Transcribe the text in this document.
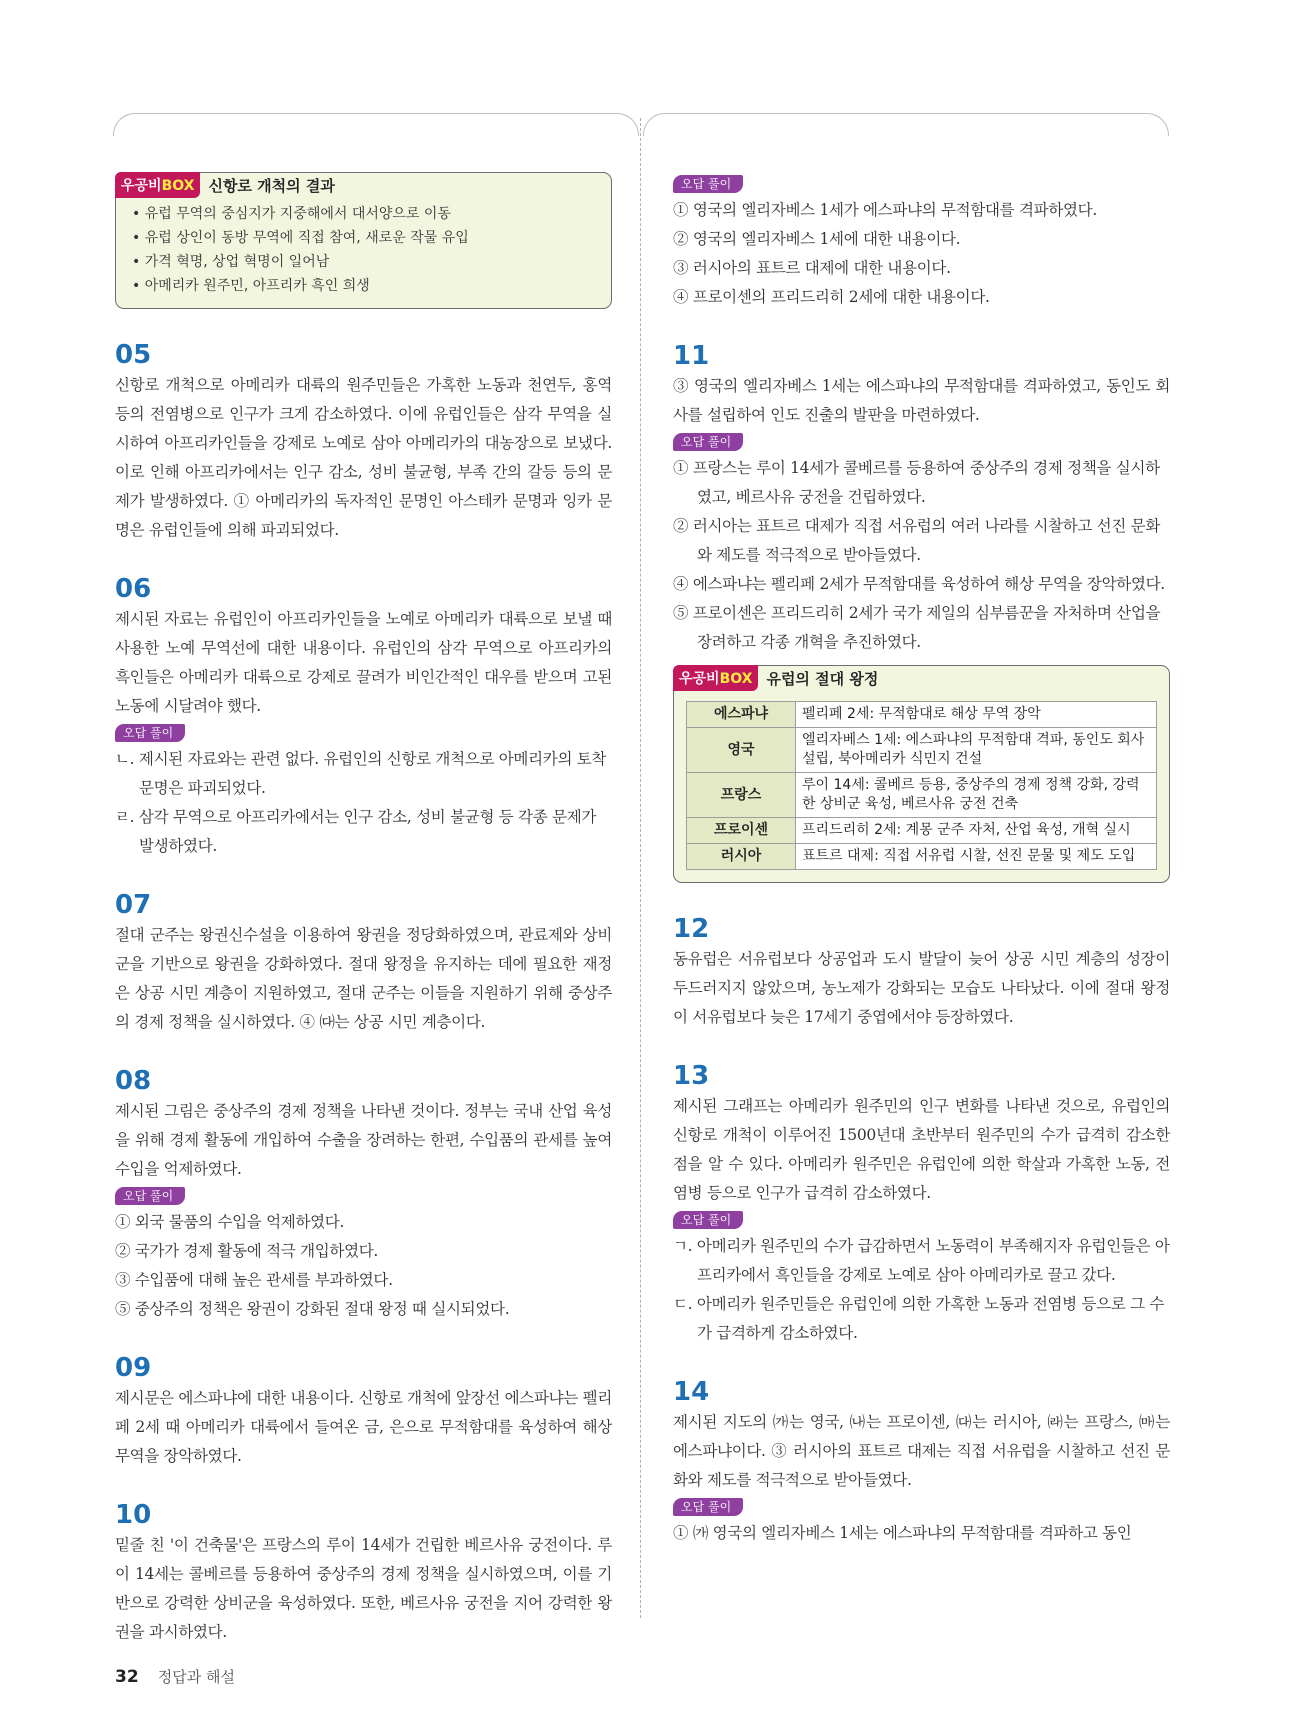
우공비BOX 신항로 개척의 결과
• 유럽 무역의 중심지가 지중해에서 대서양으로 이동
• 유럽 상인이 동방 무역에 직접 참여, 새로운 작물 유입
• 가격 혁명, 상업 혁명이 일어남
• 아메리카 원주민, 아프리카 흑인 희생
05
신항로 개척으로 아메리카 대륙의 원주민들은 가혹한 노동과 천연두, 홍역 등의 전염병으로 인구가 크게 감소하였다. 이에 유럽인들은 삼각 무역을 실시하여 아프리카인들을 강제로 노예로 삼아 아메리카의 대농장으로 보냈다. 이로 인해 아프리카에서는 인구 감소, 성비 불균형, 부족 간의 갈등 등의 문제가 발생하였다. ① 아메리카의 독자적인 문명인 아스테카 문명과 잉카 문명은 유럽인들에 의해 파괴되었다.
06
제시된 자료는 유럽인이 아프리카인들을 노예로 아메리카 대륙으로 보낼 때 사용한 노예 무역선에 대한 내용이다. 유럽인의 삼각 무역으로 아프리카의 흑인들은 아메리카 대륙으로 강제로 끌려가 비인간적인 대우를 받으며 고된 노동에 시달려야 했다.
오답 풀이
ㄴ. 제시된 자료와는 관련 없다. 유럽인의 신항로 개척으로 아메리카의 토착 문명은 파괴되었다.
ㄹ. 삼각 무역으로 아프리카에서는 인구 감소, 성비 불균형 등 각종 문제가 발생하였다.
07
절대 군주는 왕권신수설을 이용하여 왕권을 정당화하였으며, 관료제와 상비군을 기반으로 왕권을 강화하였다. 절대 왕정을 유지하는 데에 필요한 재정은 상공 시민 계층이 지원하였고, 절대 군주는 이들을 지원하기 위해 중상주의 경제 정책을 실시하였다. ④ ㈐는 상공 시민 계층이다.
08
제시된 그림은 중상주의 경제 정책을 나타낸 것이다. 정부는 국내 산업 육성을 위해 경제 활동에 개입하여 수출을 장려하는 한편, 수입품의 관세를 높여 수입을 억제하였다.
오답 풀이
① 외국 물품의 수입을 억제하였다.
② 국가가 경제 활동에 적극 개입하였다.
③ 수입품에 대해 높은 관세를 부과하였다.
⑤ 중상주의 정책은 왕권이 강화된 절대 왕정 때 실시되었다.
09
제시문은 에스파냐에 대한 내용이다. 신항로 개척에 앞장선 에스파냐는 펠리페 2세 때 아메리카 대륙에서 들여온 금, 은으로 무적함대를 육성하여 해상 무역을 장악하였다.
10
밑줄 친 '이 건축물'은 프랑스의 루이 14세가 건립한 베르사유 궁전이다. 루이 14세는 콜베르를 등용하여 중상주의 경제 정책을 실시하였으며, 이를 기반으로 강력한 상비군을 육성하였다. 또한, 베르사유 궁전을 지어 강력한 왕권을 과시하였다.
오답 풀이
① 영국의 엘리자베스 1세가 에스파냐의 무적함대를 격파하였다.
② 영국의 엘리자베스 1세에 대한 내용이다.
③ 러시아의 표트르 대제에 대한 내용이다.
④ 프로이센의 프리드리히 2세에 대한 내용이다.
11
③ 영국의 엘리자베스 1세는 에스파냐의 무적함대를 격파하였고, 동인도 회사를 설립하여 인도 진출의 발판을 마련하였다.
오답 풀이
① 프랑스는 루이 14세가 콜베르를 등용하여 중상주의 경제 정책을 실시하였고, 베르사유 궁전을 건립하였다.
② 러시아는 표트르 대제가 직접 서유럽의 여러 나라를 시찰하고 선진 문화와 제도를 적극적으로 받아들였다.
④ 에스파냐는 펠리페 2세가 무적함대를 육성하여 해상 무역을 장악하였다.
⑤ 프로이센은 프리드리히 2세가 국가 제일의 심부름꾼을 자처하며 산업을 장려하고 각종 개혁을 추진하였다.
우공비BOX 유럽의 절대 왕정
에스파냐	펠리페 2세: 무적함대로 해상 무역 장악
영국	엘리자베스 1세: 에스파냐의 무적함대 격파, 동인도 회사 설립, 북아메리카 식민지 건설
프랑스	루이 14세: 콜베르 등용, 중상주의 경제 정책 강화, 강력한 상비군 육성, 베르사유 궁전 건축
프로이센	프리드리히 2세: 계몽 군주 자처, 산업 육성, 개혁 실시
러시아	표트르 대제: 직접 서유럽 시찰, 선진 문물 및 제도 도입
12
동유럽은 서유럽보다 상공업과 도시 발달이 늦어 상공 시민 계층의 성장이 두드러지지 않았으며, 농노제가 강화되는 모습도 나타났다. 이에 절대 왕정이 서유럽보다 늦은 17세기 중엽에서야 등장하였다.
13
제시된 그래프는 아메리카 원주민의 인구 변화를 나타낸 것으로, 유럽인의 신항로 개척이 이루어진 1500년대 초반부터 원주민의 수가 급격히 감소한 점을 알 수 있다. 아메리카 원주민은 유럽인에 의한 학살과 가혹한 노동, 전염병 등으로 인구가 급격히 감소하였다.
오답 풀이
ㄱ. 아메리카 원주민의 수가 급감하면서 노동력이 부족해지자 유럽인들은 아프리카에서 흑인들을 강제로 노예로 삼아 아메리카로 끌고 갔다.
ㄷ. 아메리카 원주민들은 유럽인에 의한 가혹한 노동과 전염병 등으로 그 수가 급격하게 감소하였다.
14
제시된 지도의 ㈎는 영국, ㈏는 프로이센, ㈐는 러시아, ㈑는 프랑스, ㈒는 에스파냐이다. ③ 러시아의 표트르 대제는 직접 서유럽을 시찰하고 선진 문화와 제도를 적극적으로 받아들였다.
오답 풀이
① ㈎ 영국의 엘리자베스 1세는 에스파냐의 무적함대를 격파하고 동인
32 정답과 해설
